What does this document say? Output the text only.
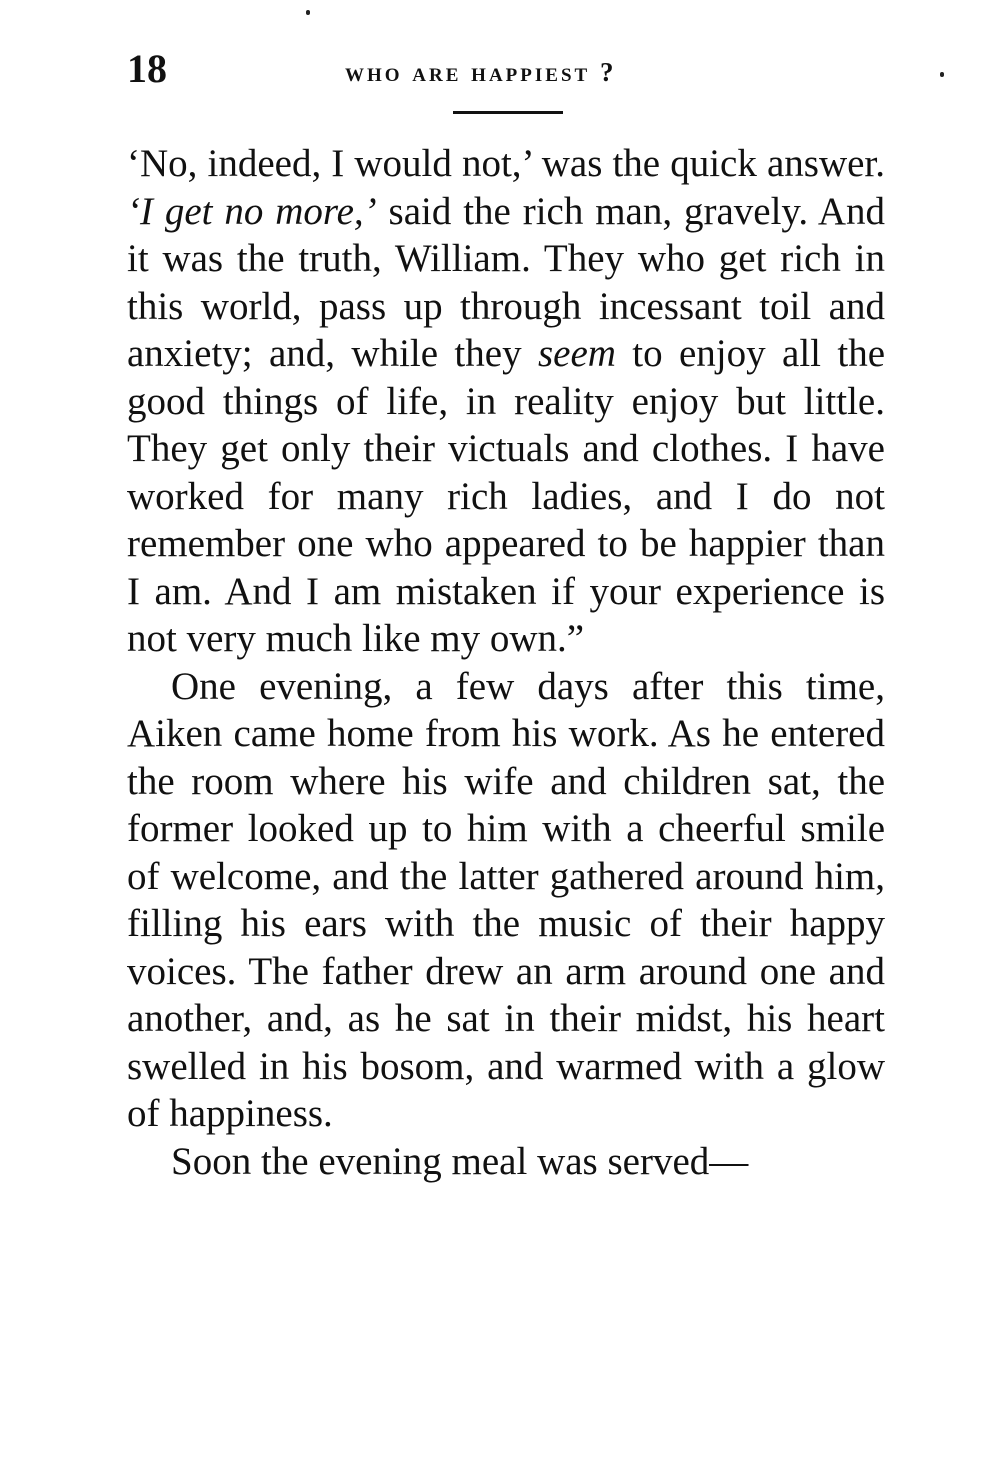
18	who are happiest ?

‘No, indeed, I would not,’ was the quick answer. ‘I get no more,’ said the rich man, gravely. And it was the truth, William. They who get rich in this world, pass up through incessant toil and anxiety; and, while they seem to enjoy all the good things of life, in reality enjoy but little. They get only their victuals and clothes. I have worked for many rich ladies, and I do not remember one who appeared to be happier than I am. And I am mistaken if your experience is not very much like my own.”

One evening, a few days after this time, Aiken came home from his work. As he entered the room where his wife and children sat, the former looked up to him with a cheerful smile of welcome, and the latter gathered around him, filling his ears with the music of their happy voices. The father drew an arm around one and another, and, as he sat in their midst, his heart swelled in his bosom, and warmed with a glow of happiness.

Soon the evening meal was served—
